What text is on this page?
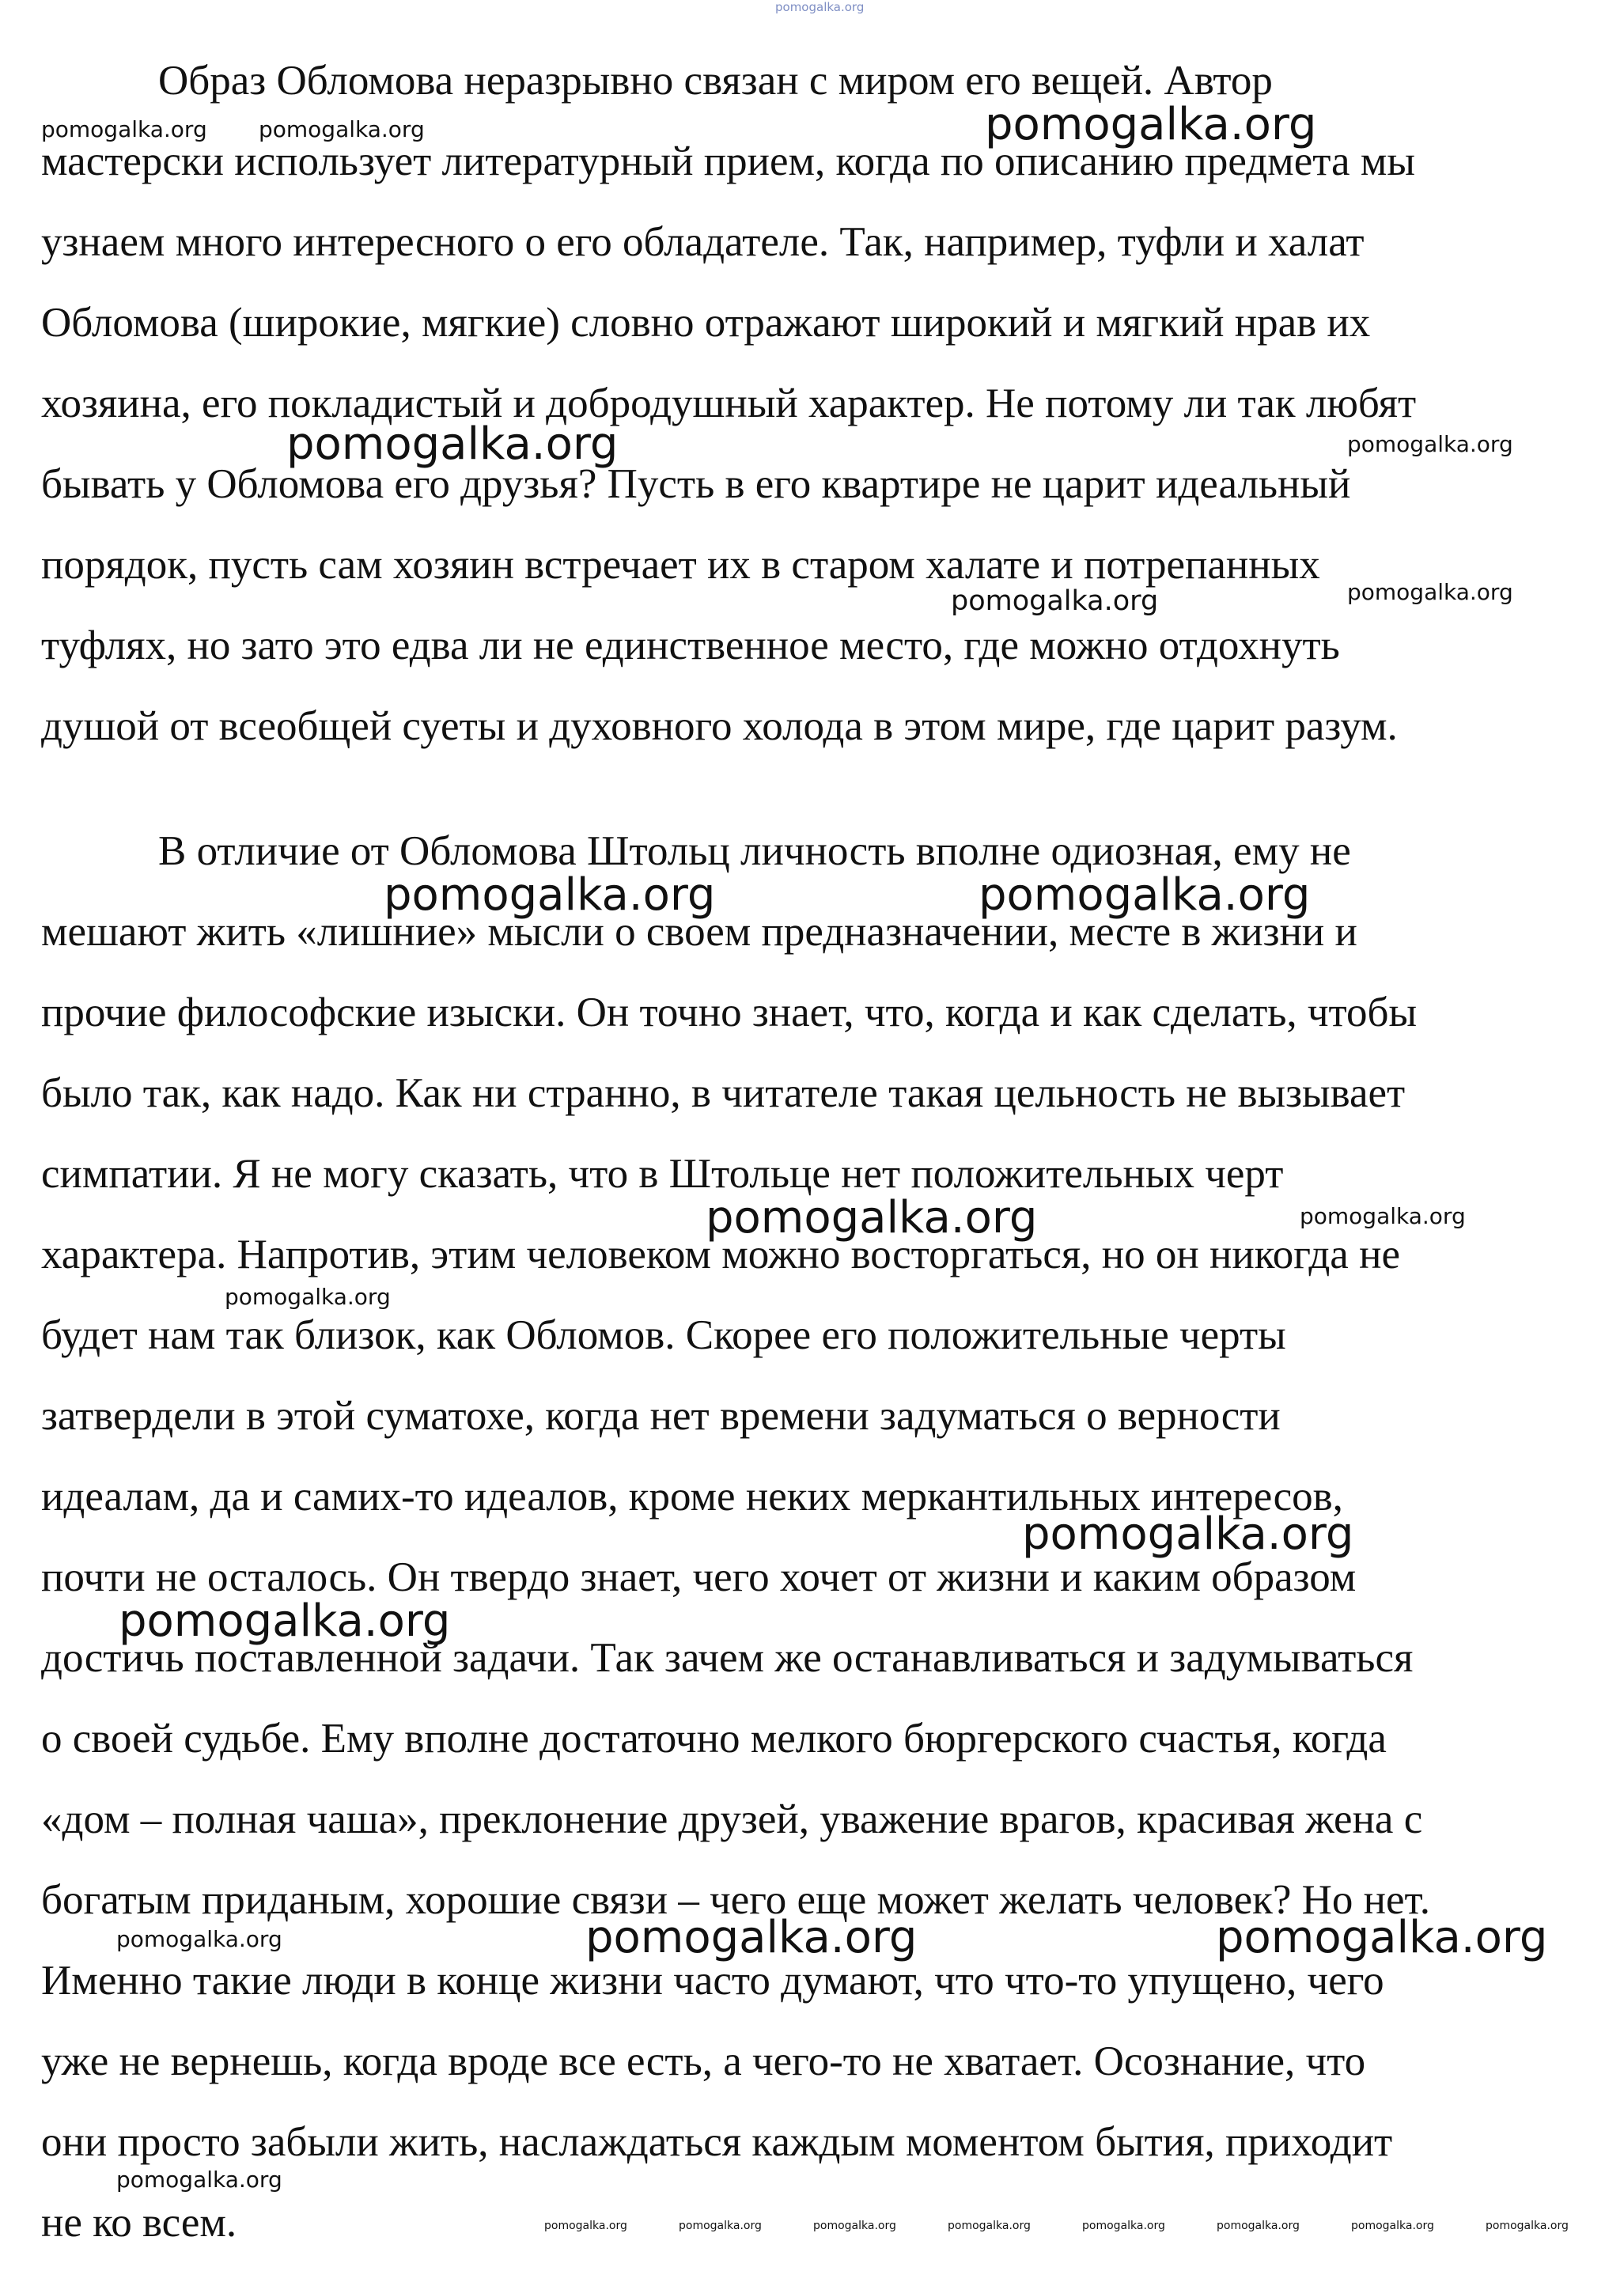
pomogalka.org

Образ Обломова неразрывно связан с миром его вещей. Автор

мастерски использует литературный прием, когда по описанию предмета мы

узнаем много интересного о его обладателе. Так, например, туфли и халат

Обломова (широкие, мягкие) словно отражают широкий и мягкий нрав их

хозяина, его покладистый и добродушный характер. Не потому ли так любят

бывать у Обломова его друзья? Пусть в его квартире не царит идеальный

порядок, пусть сам хозяин встречает их в старом халате и потрепанных

туфлях, но зато это едва ли не единственное место, где можно отдохнуть

душой от всеобщей суеты и духовного холода в этом мире, где царит разум.

В отличие от Обломова Штольц личность вполне одиозная, ему не

мешают жить «лишние» мысли о своем предназначении, месте в жизни и

прочие философские изыски. Он точно знает, что, когда и как сделать, чтобы

было так, как надо. Как ни странно, в читателе такая цельность не вызывает

симпатии. Я не могу сказать, что в Штольце нет положительных черт

характера. Напротив, этим человеком можно восторгаться, но он никогда не

будет нам так близок, как Обломов. Скорее его положительные черты

затвердели в этой суматохе, когда нет времени задуматься о верности

идеалам, да и самих-то идеалов, кроме неких меркантильных интересов,

почти не осталось. Он твердо знает, чего хочет от жизни и каким образом

достичь поставленной задачи. Так зачем же останавливаться и задумываться

о своей судьбе. Ему вполне достаточно мелкого бюргерского счастья, когда

«дом – полная чаша», преклонение друзей, уважение врагов, красивая жена с

богатым приданым, хорошие связи – чего еще может желать человек? Но нет.

Именно такие люди в конце жизни часто думают, что что-то упущено, чего

уже не вернешь, когда вроде все есть, а чего-то не хватает. Осознание, что

они просто забыли жить, наслаждаться каждым моментом бытия, приходит

не ко всем.

pomogalka.org pomogalka.org	pomogalka.org
pomogalka.org	pomogalka.org
pomogalka.org	pomogalka.org
pomogalka.org	pomogalka.org
pomogalka.org	pomogalka.org
pomogalka.org
pomogalka.org
pomogalka.org
pomogalka.org	pomogalka.org	pomogalka.org
pomogalka.org
pomogalka.org	pomogalka.org	pomogalka.org	pomogalka.org	pomogalka.org	pomogalka.org	pomogalka.org	pomogalka.org
